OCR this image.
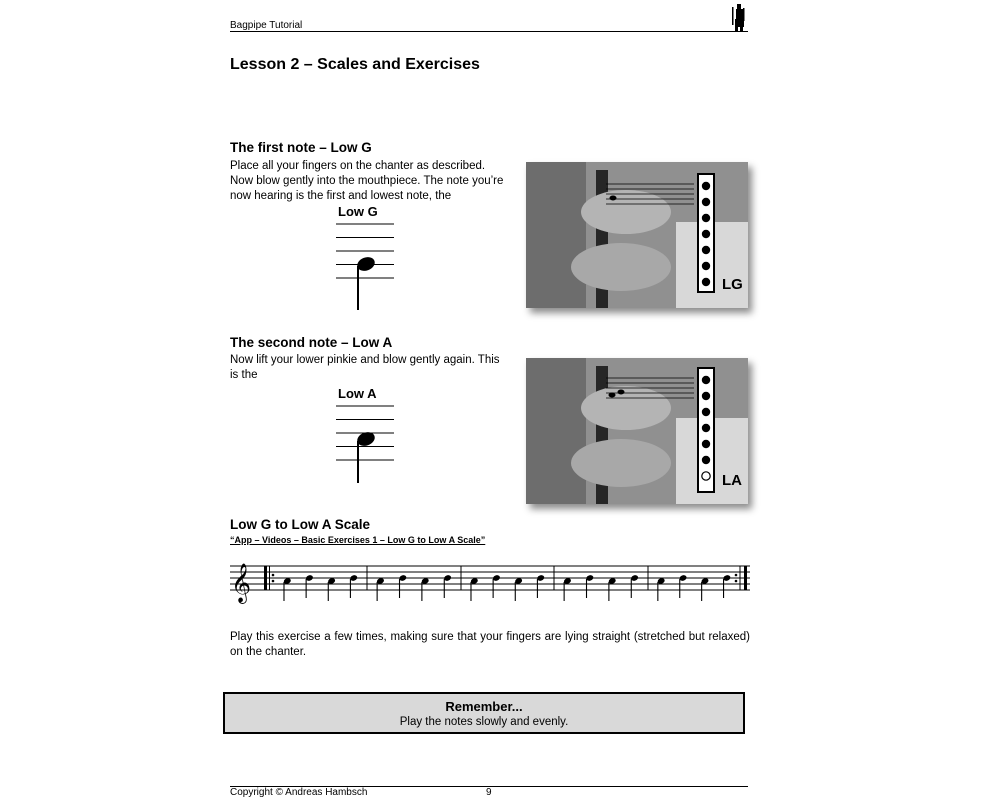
Bagpipe Tutorial
Lesson 2 – Scales and Exercises
The first note – Low G
Place all your fingers on the chanter as described. Now blow gently into the mouthpiece. The note you’re now hearing is the first and lowest note, the
Low G
LG
The second note – Low A
Now lift your lower pinkie and blow gently again. This is the
Low A
LA
Low G to Low A Scale
“App – Videos – Basic Exercises 1 – Low G to Low A Scale”
𝄞
Play this exercise a few times, making sure that your fingers are lying straight (stretched but relaxed) on the chanter.
Remember...
Play the notes slowly and evenly.
Copyright © Andreas Hambsch	9
